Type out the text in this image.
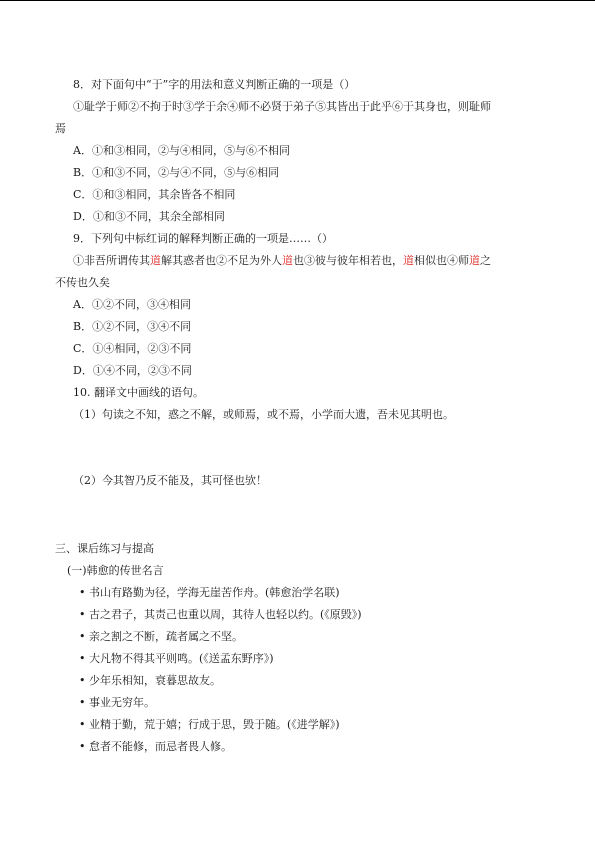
8．对下面句中“于”字的用法和意义判断正确的一项是（）
①耻学于师②不拘于时③学于余④师不必贤于弟子⑤其皆出于此乎⑥于其身也，则耻师
焉
A．①和③相同，②与④相同，⑤与⑥不相同
B．①和③不同，②与④不同，⑤与⑥相同
C．①和③相同，其余皆各不相同
D．①和③不同，其余全部相同
9．下列句中标红词的解释判断正确的一项是……（）
①非吾所谓传其道解其惑者也②不足为外人道也③彼与彼年相若也，道相似也④师道之
不传也久矣
A．①②不同，③④相同
B．①②不同，③④不同
C．①④相同，②③不同
D．①④不同，②③不同
10. 翻译文中画线的语句。
（1）句读之不知，惑之不解，或师焉，或不焉，小学而大遗，吾未见其明也。
（2）今其智乃反不能及，其可怪也欤！
三、课后练习与提高
(一)韩愈的传世名言
• 书山有路勤为径，学海无崖苦作舟。(韩愈治学名联)
• 古之君子，其责己也重以周，其待人也轻以约。(《原毁》)
• 亲之割之不断，疏者属之不坚。
• 大凡物不得其平则鸣。(《送孟东野序》)
• 少年乐相知，衰暮思故友。
• 事业无穷年。
• 业精于勤，荒于嬉；行成于思，毁于随。(《进学解》)
• 怠者不能修，而忌者畏人修。
